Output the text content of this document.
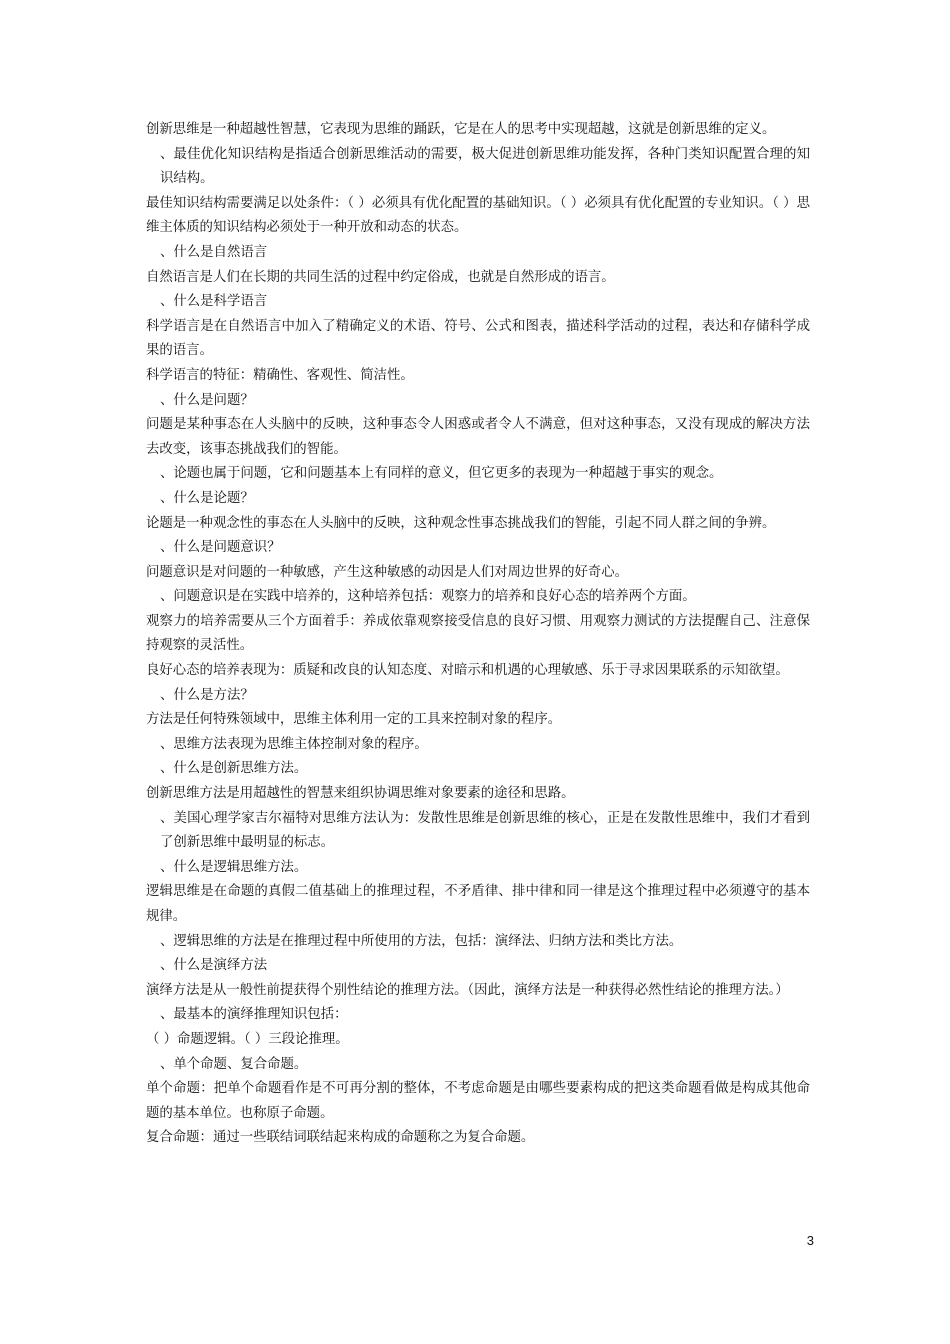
创新思维是一种超越性智慧，它表现为思维的踊跃，它是在人的思考中实现超越，这就是创新思维的定义。

、最佳优化知识结构是指适合创新思维活动的需要，极大促进创新思维功能发挥，各种门类知识配置合理的知识结构。

最佳知识结构需要满足以处条件：（ ）必须具有优化配置的基础知识。（ ）必须具有优化配置的专业知识。（ ）思维主体质的知识结构必须处于一种开放和动态的状态。

、什么是自然语言

自然语言是人们在长期的共同生活的过程中约定俗成，也就是自然形成的语言。

、什么是科学语言

科学语言是在自然语言中加入了精确定义的术语、符号、公式和图表，描述科学活动的过程，表达和存储科学成果的语言。

科学语言的特征：精确性、客观性、简洁性。

、什么是问题？

问题是某种事态在人头脑中的反映，这种事态令人困惑或者令人不满意，但对这种事态，又没有现成的解决方法去改变，该事态挑战我们的智能。

、论题也属于问题，它和问题基本上有同样的意义，但它更多的表现为一种超越于事实的观念。

、什么是论题？

论题是一种观念性的事态在人头脑中的反映，这种观念性事态挑战我们的智能，引起不同人群之间的争辨。

、什么是问题意识？

问题意识是对问题的一种敏感，产生这种敏感的动因是人们对周边世界的好奇心。

、问题意识是在实践中培养的，这种培养包括：观察力的培养和良好心态的培养两个方面。

观察力的培养需要从三个方面着手：养成依靠观察接受信息的良好习惯、用观察力测试的方法提醒自己、注意保持观察的灵活性。

良好心态的培养表现为：质疑和改良的认知态度、对暗示和机遇的心理敏感、乐于寻求因果联系的示知欲望。

、什么是方法？

方法是任何特殊领域中，思维主体利用一定的工具来控制对象的程序。

、思维方法表现为思维主体控制对象的程序。

、什么是创新思维方法。

创新思维方法是用超越性的智慧来组织协调思维对象要素的途径和思路。

、美国心理学家吉尔福特对思维方法认为：发散性思维是创新思维的核心，正是在发散性思维中，我们才看到了创新思维中最明显的标志。

、什么是逻辑思维方法。

逻辑思维是在命题的真假二值基础上的推理过程，不矛盾律、排中律和同一律是这个推理过程中必须遵守的基本规律。

、逻辑思维的方法是在推理过程中所使用的方法，包括：演绎法、归纳方法和类比方法。

、什么是演绎方法

演绎方法是从一般性前提获得个别性结论的推理方法。（因此，演绎方法是一种获得必然性结论的推理方法。）

、最基本的演绎推理知识包括：

（ ）命题逻辑。（ ）三段论推理。

、单个命题、复合命题。

单个命题：把单个命题看作是不可再分割的整体，不考虑命题是由哪些要素构成的把这类命题看做是构成其他命题的基本单位。也称原子命题。

复合命题：通过一些联结词联结起来构成的命题称之为复合命题。

3
